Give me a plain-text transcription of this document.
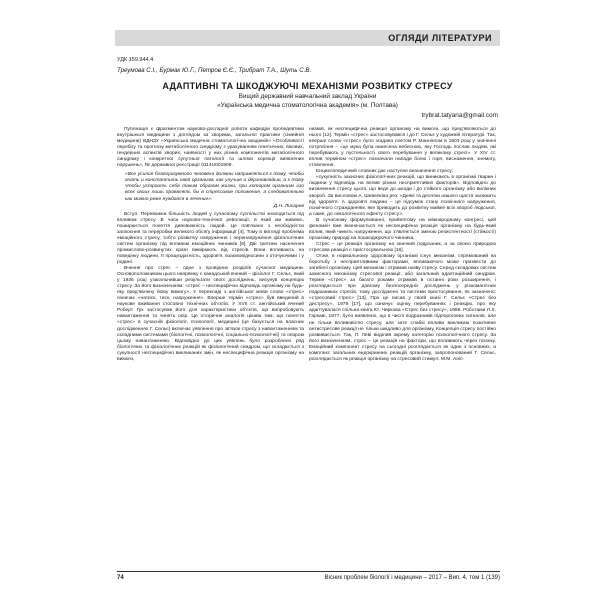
ОГЛЯДИ ЛІТЕРАТУРИ
УДК 159.944.4
Треумова С.І., Бурмак Ю.Г., Петров Є.Є., Трибрат Т.А., Шуть С.В.
АДАПТИВНІ ТА ШКОДЖУЮЧІ МЕХАНІЗМИ РОЗВИТКУ СТРЕСУ
Вищий державний навчальний заклад України
«Українська медична стоматологічна академія» (м. Полтава)
trybrat.tatyana@gmail.com

Публікація є фрагментом науково-дослідної роботи кафедри пропедевтики внутрішньої медицини з доглядом за хворими, загальної практики (сімейної медицини) ВДНЗУ «Українська медична стоматологічна академія» «Особливості перебігу та прогнозу метаболічного синдрому з урахуванням генетичних, вікових, гендерних аспектів хворих, наявності у них різних компонентів метаболічного синдрому і конкретної супутньої патології та шляхи корекції виявлених порушень», № державної реєстрації 0114U001909.

«Все усилия благоразумного человека должны направляться к тому, чтобы гнать и константить свой организм, как улучше и дерзновладью, а к тому чтобы устроить себя таким образом жизни, при котором организм изо всех своих лишь проявлять бы в стрессовое положение, а следовательно как можно реже нуждался в лечение».

Д.Н. Лисарев

Вступ. Переважна більшість людей у сучасному суспільстві знаходиться під впливом стресу. В часи науково-технічної революції, в який ми живемо, поширюється поняття дивовижність людей. Це пов'язано з необхідністю засвоєння та переробки великого обсягу інформації [4]. Тому в вигляді проблема емоційного стресу, тобто розвитку напруження і перенапруження фізіологічних систем організму під впливом емоційних чинників [6]. Дві третини населення промислово-розвинутих країн вимірюють від стресів. Вони впливають на поведінку людини, її працездатність, здоров'я, взаємовідносини з оточуючими і у родині.

Вчення про стрес – одне з провідних розділів сучасної медицини. Основоположником цього напрямку є канадський вчений – фізіолог Г. Сельє, який у 1936 році узагальнивши результати своїх досліджень, висунув концепцію стресу. За його визначенням: «стрес – неспецифічна відповідь організму на будь-яку пред'явлену йому вимогу». У перекладі з англійської мови слово «стрес» означає «натиск, тиск, напруження». Вперше термін «стрес» був введений в наукове вживання стосовно технічних об'єктів. У XVII ст. англійський вчений Роберт Гук застосував його для характеристики об'єктів, що випробовують навантаження та чинять опір. Це історичне аналогія цікава тим, що поняття «стрес» в сучасній фізіології, психології, медицині (це базується на власних дослідженнях Г. Сельє) включає уявлення про зв'язок стресу з навантаженням та складними системами (біологічні, психологічні, соціально-психологічні) та опором цьому навантаженню. Відповідно до цих уявлень було розроблено ряд біологічних та фізіологічних реакцій як фізіологічний синдром, що складається з сукупності неспецифічно викликаних змін, як неспецифічна реакція організму на вимоги,

низмів, як неспецифічна реакція організму на вимоги, що пред'являються до нього [12]. Термін «стрес» застосовувався і до Г. Сельє у художній літературі. Так, вперше слово «стрес» було згадано поетом Р. Маннінгом в 1903 році у значенні потрясіння – «це мука була нанесена небесною, яку Господь послав людям, які перебувають у пустельності свого перебування у великому стресі». У XIV ст. вплив терміном «стрес» позначали напади болю і горя, виснаження, знемогу, стомлення.

Енциклопедичний словник дає наступне визначення стресу:

«сукупність захисних фізіологічних реакцій, що виникають в організмі тварин і людини у відповідь на вплив різних несприятливих факторів». Відповідно до визначення стресу цього, що веде до шкоди і до стійкого організму або вилікних хвороб. За висловом А. Шевелкіна рез: «Деякі та десятки нашого щастя залежить від здоров'я. А здоров'я людини – це підсумок стану психічного напруження, психічного стражданням, яке приводить до розвитку майже всіх хвороб людської, а саме, до онкологічного ефекту стресу».

В сучасному формулюванні, прийнятому на міжнародному конгресі, цей феномен вже визначається як неспецифічна реакція організму на будь-який вплив, який чинить напруження, що з'являється зміною резистентності (стійкості) організму природі на пошкоджуючого чинника.

Стрес – це реакція організму на значний подразник, а за своєю природою стресова реакція є пристосувальною [16].

Отже, в нормальному здоровому організмі існує механізм, спрямований на боротьбу з несприятливими факторами, впливаючого може призвести до загибелі організму. Цей механізм і отримав назву стресу. Серед складових систем захисного механізму стресової реакції, або загальний адаптаційний синдром. Термін «стрес» за багато роками отримав в останні роки розширення, і розглядається при довгому безпосередніх досліджень у різноманітних подразниках стресів, тому досліджено та системи пристосування, як зазначено: «стресовий стрес» [13]. Про це писав у своїй книзі Г. Сельє «Стрес без дистресу», 1979 [17], що означує оцінку перебуваннях і реакцію, про яку адаптувалася спільна книга Ю. Чиркова «Стрес без стресу», 1988. Роботами Л.Х. Гаркаві, 1977, було виявлено, що в числі подразників підпорогових сигналів, але не тільки впливовістю стресу, але зате слабкі впливи викликаю позитивне антистресове реакції не тільки шкідливо для організму. Концепція стресу постійно розвивається. Так, Л. Леві виділив окрему категорію психологічного стресу. За його визначенням, стрес – це реакція на фактори, що впливають через психіку. Емоційний компонент стресу на сьогодні розглядається як один з основних, а комплекс загальних ендокринних реакцій організму, запропонований Г. Сельє, розглядається як реакція організму на стресовий стимул. М.М. Аніс-

74	Вісник проблем біології і медицини – 2017 – Вип. 4, том 1 (139)
